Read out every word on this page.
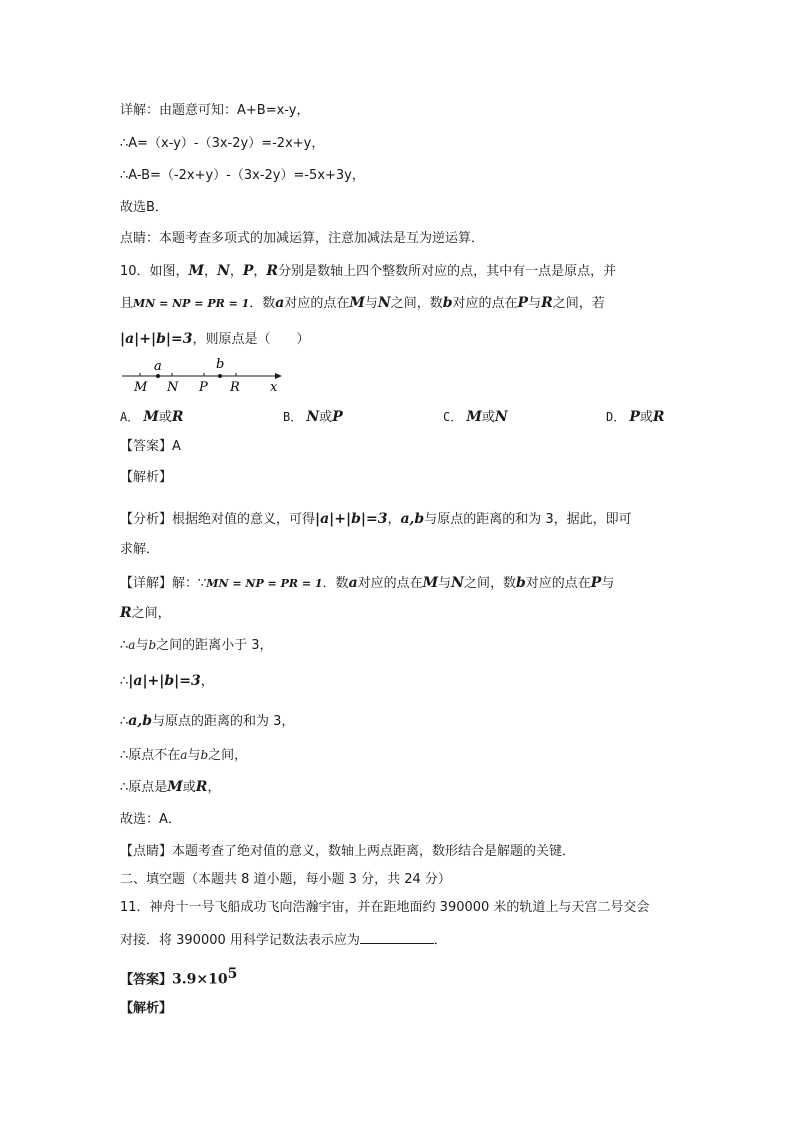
详解：由题意可知：A+B=x-y，
∴A=（x-y）-（3x-2y）=-2x+y，
∴A-B=（-2x+y）-（3x-2y）=-5x+3y，
故选B．
点睛：本题考查多项式的加减运算，注意加减法是互为逆运算．
10．如图，M，N，P，R分别是数轴上四个整数所对应的点，其中有一点是原点，并
且MN = NP = PR = 1．数a对应的点在M与N之间，数b对应的点在P与R之间，若
|a|+|b|=3，则原点是（　　）
a	b
M N P R x
A． M或R	B． N或P	C． M或N	D． P或R
【答案】A
【解析】
【分析】根据绝对值的意义，可得|a|+|b|=3，a,b与原点的距离的和为 3，据此，即可
求解．
【详解】解：∵MN = NP = PR = 1．数a对应的点在M与N之间，数b对应的点在P与
R之间，
∴a与b之间的距离小于 3，
∴|a|+|b|=3，
∴a,b与原点的距离的和为 3，
∴原点不在a与b之间，
∴原点是M或R，
故选：A．
【点睛】本题考查了绝对值的意义，数轴上两点距离，数形结合是解题的关键．
二、填空题（本题共 8 道小题，每小题 3 分，共 24 分）
11．神舟十一号飞船成功飞向浩瀚宇宙，并在距地面约 390000 米的轨道上与天宫二号交会
对接．将 390000 用科学记数法表示应为	．
【答案】$3.9\times 10^5$
【解析】
